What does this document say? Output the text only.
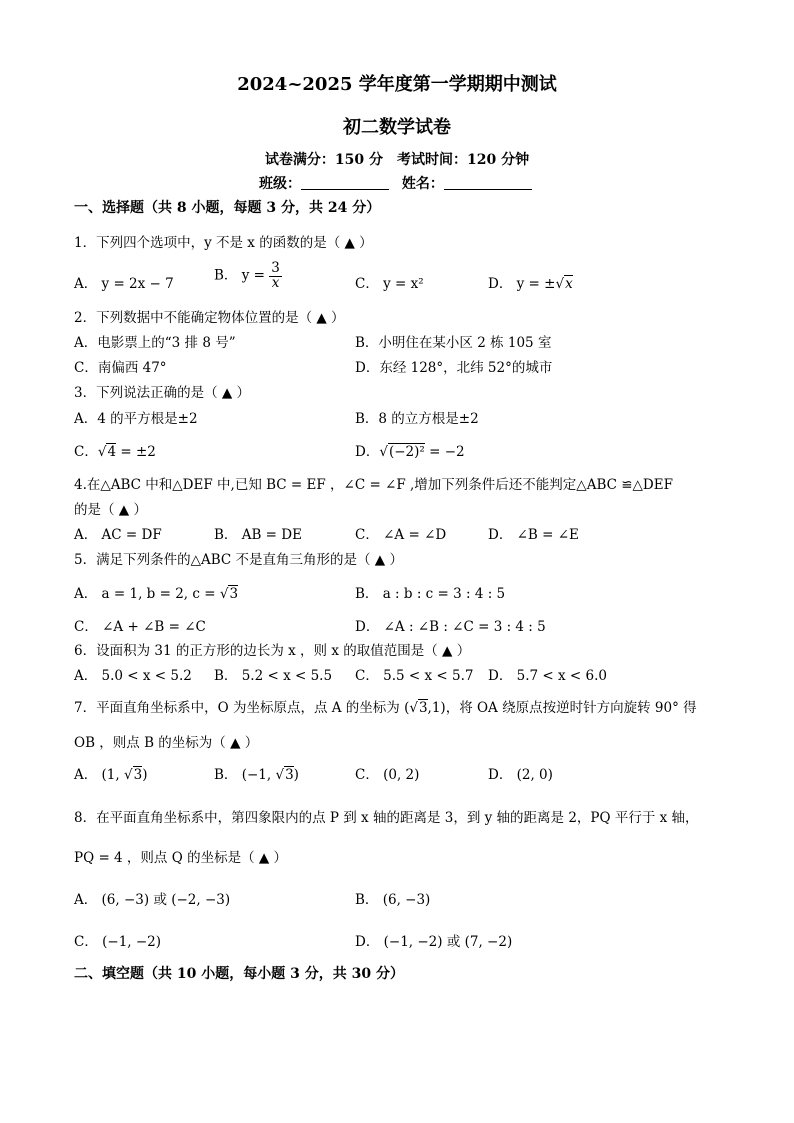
2024~2025 学年度第一学期期中测试
初二数学试卷
试卷满分：150 分　考试时间：120 分钟
班级：	姓名：
一、选择题（共 8 小题，每题 3 分，共 24 分）
1．下列四个选项中，y 不是 x 的函数的是（ ▲ ）
A． y = 2x − 7
B． $y = \frac{3}{x}$	C． y = x²	D． y = ±√x
2．下列数据中不能确定物体位置的是（ ▲ ）
A．电影票上的“3 排 8 号”	B．小明住在某小区 2 栋 105 室
C．南偏西 47°	D．东经 128°，北纬 52°的城市
3．下列说法正确的是（ ▲ ）
A．4 的平方根是±2	B．8 的立方根是±2
C．√4 = ±2	D．√(−2)² = −2
4.在△ABC 中和△DEF 中,已知 BC = EF ，∠C = ∠F ,增加下列条件后还不能判定△ABC ≌△DEF
的是（ ▲ ）
A． AC = DF	B． AB = DE	C． ∠A = ∠D	D． ∠B = ∠E
5．满足下列条件的△ABC 不是直角三角形的是（ ▲ ）
A． a = 1, b = 2, c = √3	B． a : b : c = 3 : 4 : 5
C． ∠A + ∠B = ∠C	D． ∠A : ∠B : ∠C = 3 : 4 : 5
6．设面积为 31 的正方形的边长为 x ，则 x 的取值范围是（ ▲ ）
A． 5.0 < x < 5.2 B． 5.2 < x < 5.5 C． 5.5 < x < 5.7 D． 5.7 < x < 6.0
7．平面直角坐标系中，O 为坐标原点，点 A 的坐标为 (√3,1)，将 OA 绕原点按逆时针方向旋转 90° 得
OB ，则点 B 的坐标为（ ▲ ）
A． (1, √3)	B． (−1, √3)	C． (0, 2)	D． (2, 0)
8．在平面直角坐标系中，第四象限内的点 P 到 x 轴的距离是 3，到 y 轴的距离是 2，PQ 平行于 x 轴，
PQ = 4 ，则点 Q 的坐标是（ ▲ ）
A． (6, −3) 或 (−2, −3)	B． (6, −3)
C． (−1, −2)	D． (−1, −2) 或 (7, −2)
二、填空题（共 10 小题，每小题 3 分，共 30 分）
